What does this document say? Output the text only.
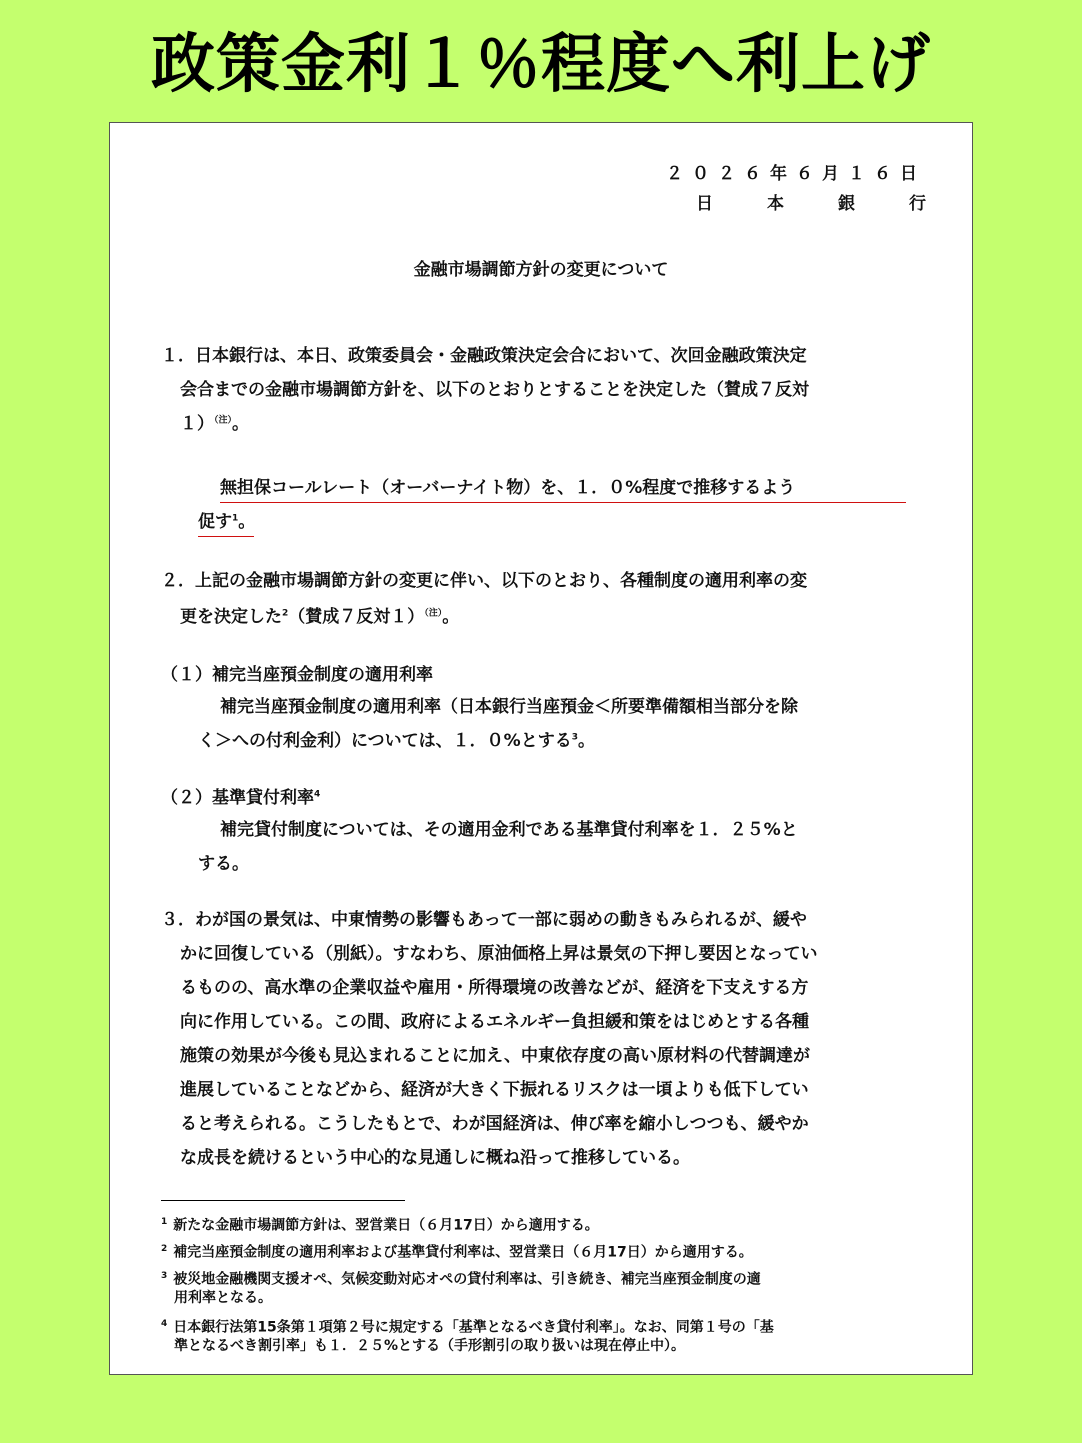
政策金利１％程度へ利上げ
２０２６年６月１６日
日	本	銀	行
金融市場調節方針の変更について
１．日本銀行は、本日、政策委員会・金融政策決定会合において、次回金融政策決定
会合までの金融市場調節方針を、以下のとおりとすることを決定した（賛成７反対
１）$^{(注)}$。
無担保コールレート（オーバーナイト物）を、１．０%程度で推移するよう
促す$^1$。
２．上記の金融市場調節方針の変更に伴い、以下のとおり、各種制度の適用利率の変
更を決定した$^2$（賛成７反対１）$^{(注)}$。
（１）補完当座預金制度の適用利率
補完当座預金制度の適用利率（日本銀行当座預金＜所要準備額相当部分を除
く＞への付利金利）については、１．０%とする$^3$。
（２）基準貸付利率$^4$
補完貸付制度については、その適用金利である基準貸付利率を１．２５%と
する。
３．わが国の景気は、中東情勢の影響もあって一部に弱めの動きもみられるが、緩や
かに回復している（別紙）。すなわち、原油価格上昇は景気の下押し要因となってい
るものの、高水準の企業収益や雇用・所得環境の改善などが、経済を下支えする方
向に作用している。この間、政府によるエネルギー負担緩和策をはじめとする各種
施策の効果が今後も見込まれることに加え、中東依存度の高い原材料の代替調達が
進展していることなどから、経済が大きく下振れるリスクは一頃よりも低下してい
ると考えられる。こうしたもとで、わが国経済は、伸び率を縮小しつつも、緩やか
な成長を続けるという中心的な見通しに概ね沿って推移している。
$^1$ 新たな金融市場調節方針は、翌営業日（６月17日）から適用する。
$^2$ 補完当座預金制度の適用利率および基準貸付利率は、翌営業日（６月17日）から適用する。
$^3$ 被災地金融機関支援オペ、気候変動対応オペの貸付利率は、引き続き、補完当座預金制度の適
用利率となる。
$^4$ 日本銀行法第15条第１項第２号に規定する「基準となるべき貸付利率」。なお、同第１号の「基
準となるべき割引率」も１．２５%とする（手形割引の取り扱いは現在停止中）。
